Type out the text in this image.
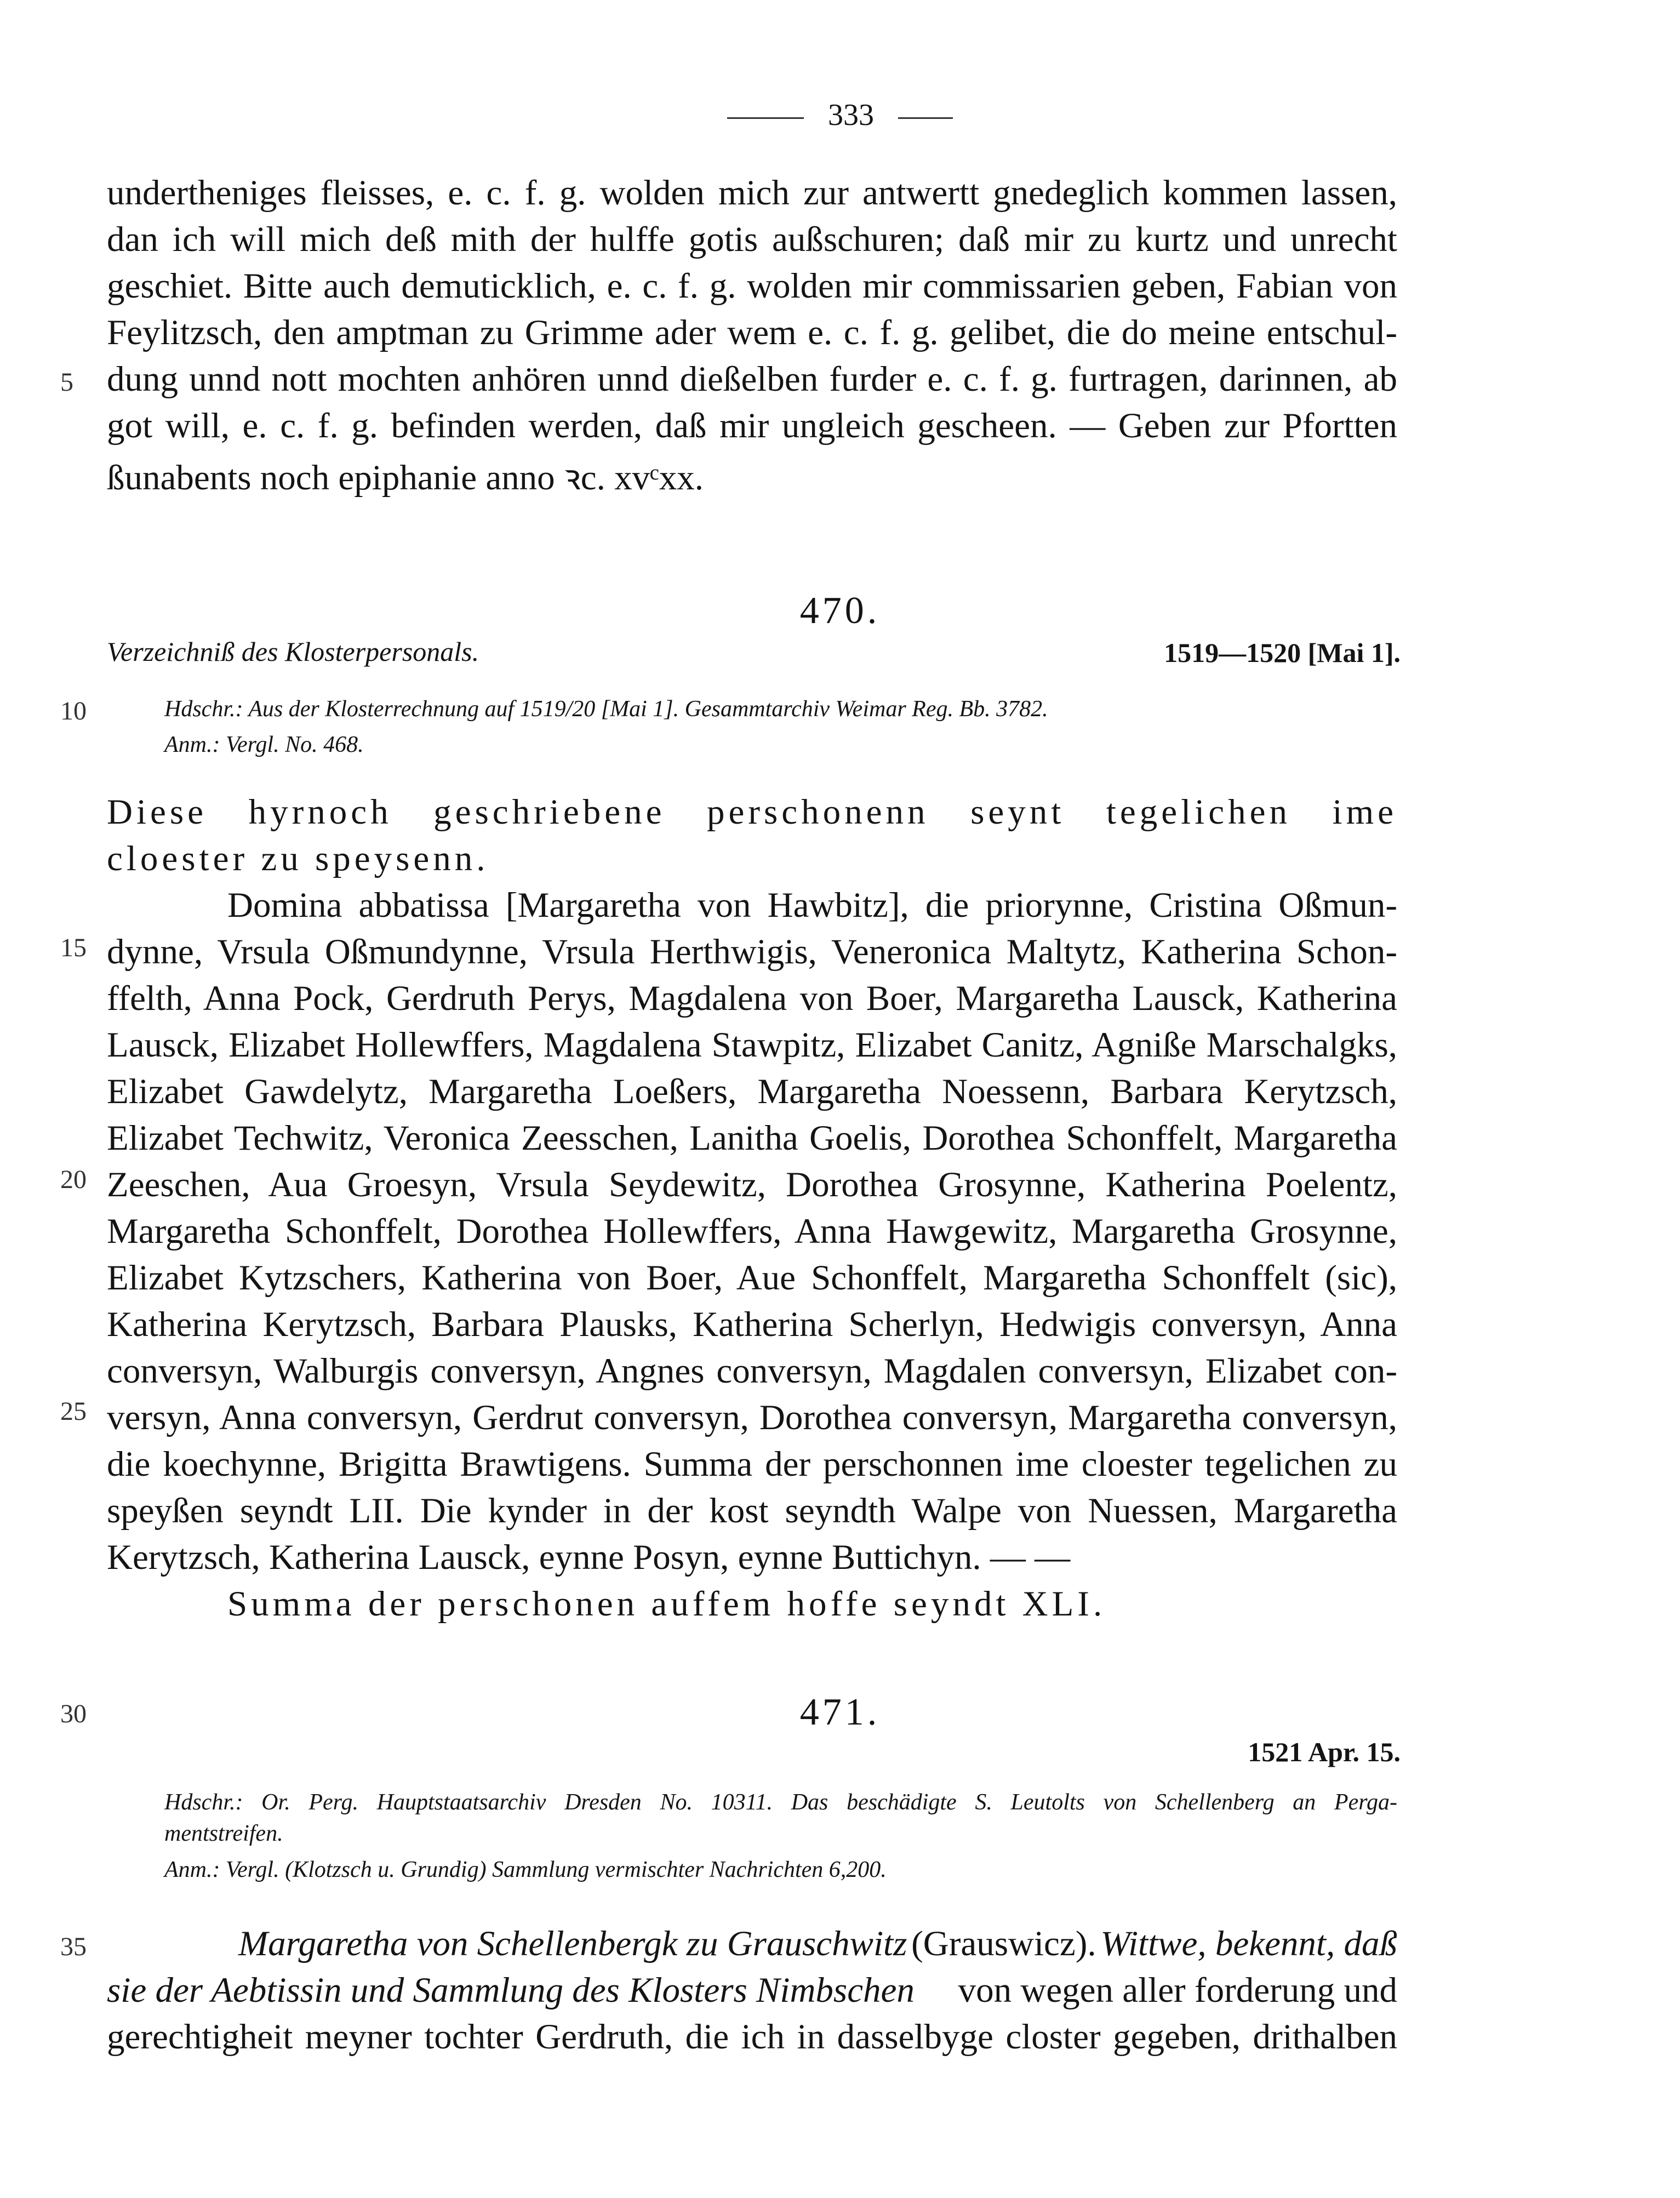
333
undertheniges fleisses, e. c. f. g. wolden mich zur antwertt gnedeglich kommen lassen,
dan ich will mich deß mith der hulffe gotis außschuren; daß mir zu kurtz und unrecht
geschiet. Bitte auch demuticklich, e. c. f. g. wolden mir commissarien geben, Fabian von
Feylitzsch, den amptman zu Grimme ader wem e. c. f. g. gelibet, die do meine entschul-
dung unnd nott mochten anhören unnd dießelben furder e. c. f. g. furtragen, darinnen, ab
got will, e. c. f. g. befinden werden, daß mir ungleich gescheen. — Geben zur Pfortten
ßunabents noch epiphanie anno ꝛc. xvᶜxx.
5
10
15
20
25
30
35
470.
Verzeichniß des Klosterpersonals.	1519—1520 [Mai 1].
Hdschr.: Aus der Klosterrechnung auf 1519/20 [Mai 1]. Gesammtarchiv Weimar Reg. Bb. 3782.
Anm.: Vergl. No. 468.
Diese hyrnoch geschriebene perschonenn seynt tegelichen ime
cloester zu speysenn.
Domina abbatissa [Margaretha von Hawbitz], die priorynne, Cristina Oßmun-
dynne, Vrsula Oßmundynne, Vrsula Herthwigis, Veneronica Maltytz, Katherina Schon-
ffelth, Anna Pock, Gerdruth Perys, Magdalena von Boer, Margaretha Lausck, Katherina
Lausck, Elizabet Hollewffers, Magdalena Stawpitz, Elizabet Canitz, Agniße Marschalgks,
Elizabet Gawdelytz, Margaretha Loeßers, Margaretha Noessenn, Barbara Kerytzsch,
Elizabet Techwitz, Veronica Zeesschen, Lanitha Goelis, Dorothea Schonffelt, Margaretha
Zeeschen, Aua Groesyn, Vrsula Seydewitz, Dorothea Grosynne, Katherina Poelentz,
Margaretha Schonffelt, Dorothea Hollewffers, Anna Hawgewitz, Margaretha Grosynne,
Elizabet Kytzschers, Katherina von Boer, Aue Schonffelt, Margaretha Schonffelt (sic),
Katherina Kerytzsch, Barbara Plausks, Katherina Scherlyn, Hedwigis conversyn, Anna
conversyn, Walburgis conversyn, Angnes conversyn, Magdalen conversyn, Elizabet con-
versyn, Anna conversyn, Gerdrut conversyn, Dorothea conversyn, Margaretha conversyn,
die koechynne, Brigitta Brawtigens. Summa der perschonnen ime cloester tegelichen zu
speyßen seyndt LII. Die kynder in der kost seyndth Walpe von Nuessen, Margaretha
Kerytzsch, Katherina Lausck, eynne Posyn, eynne Buttichyn. — —
Summa der perschonen auffem hoffe seyndt XLI.
471.
1521 Apr. 15.
Hdschr.: Or. Perg. Hauptstaatsarchiv Dresden No. 10311. Das beschädigte S. Leutolts von Schellenberg an Perga-
mentstreifen.
Anm.: Vergl. (Klotzsch u. Grundig) Sammlung vermischter Nachrichten 6,200.
Margaretha von Schellenbergk zu Grauschwitz (Grauswicz). Wittwe, bekennt, daß
sie der Aebtissin und Sammlung des Klosters Nimbschen von wegen aller forderung und
gerechtigheit meyner tochter Gerdruth, die ich in dasselbyge closter gegeben, drithalben
